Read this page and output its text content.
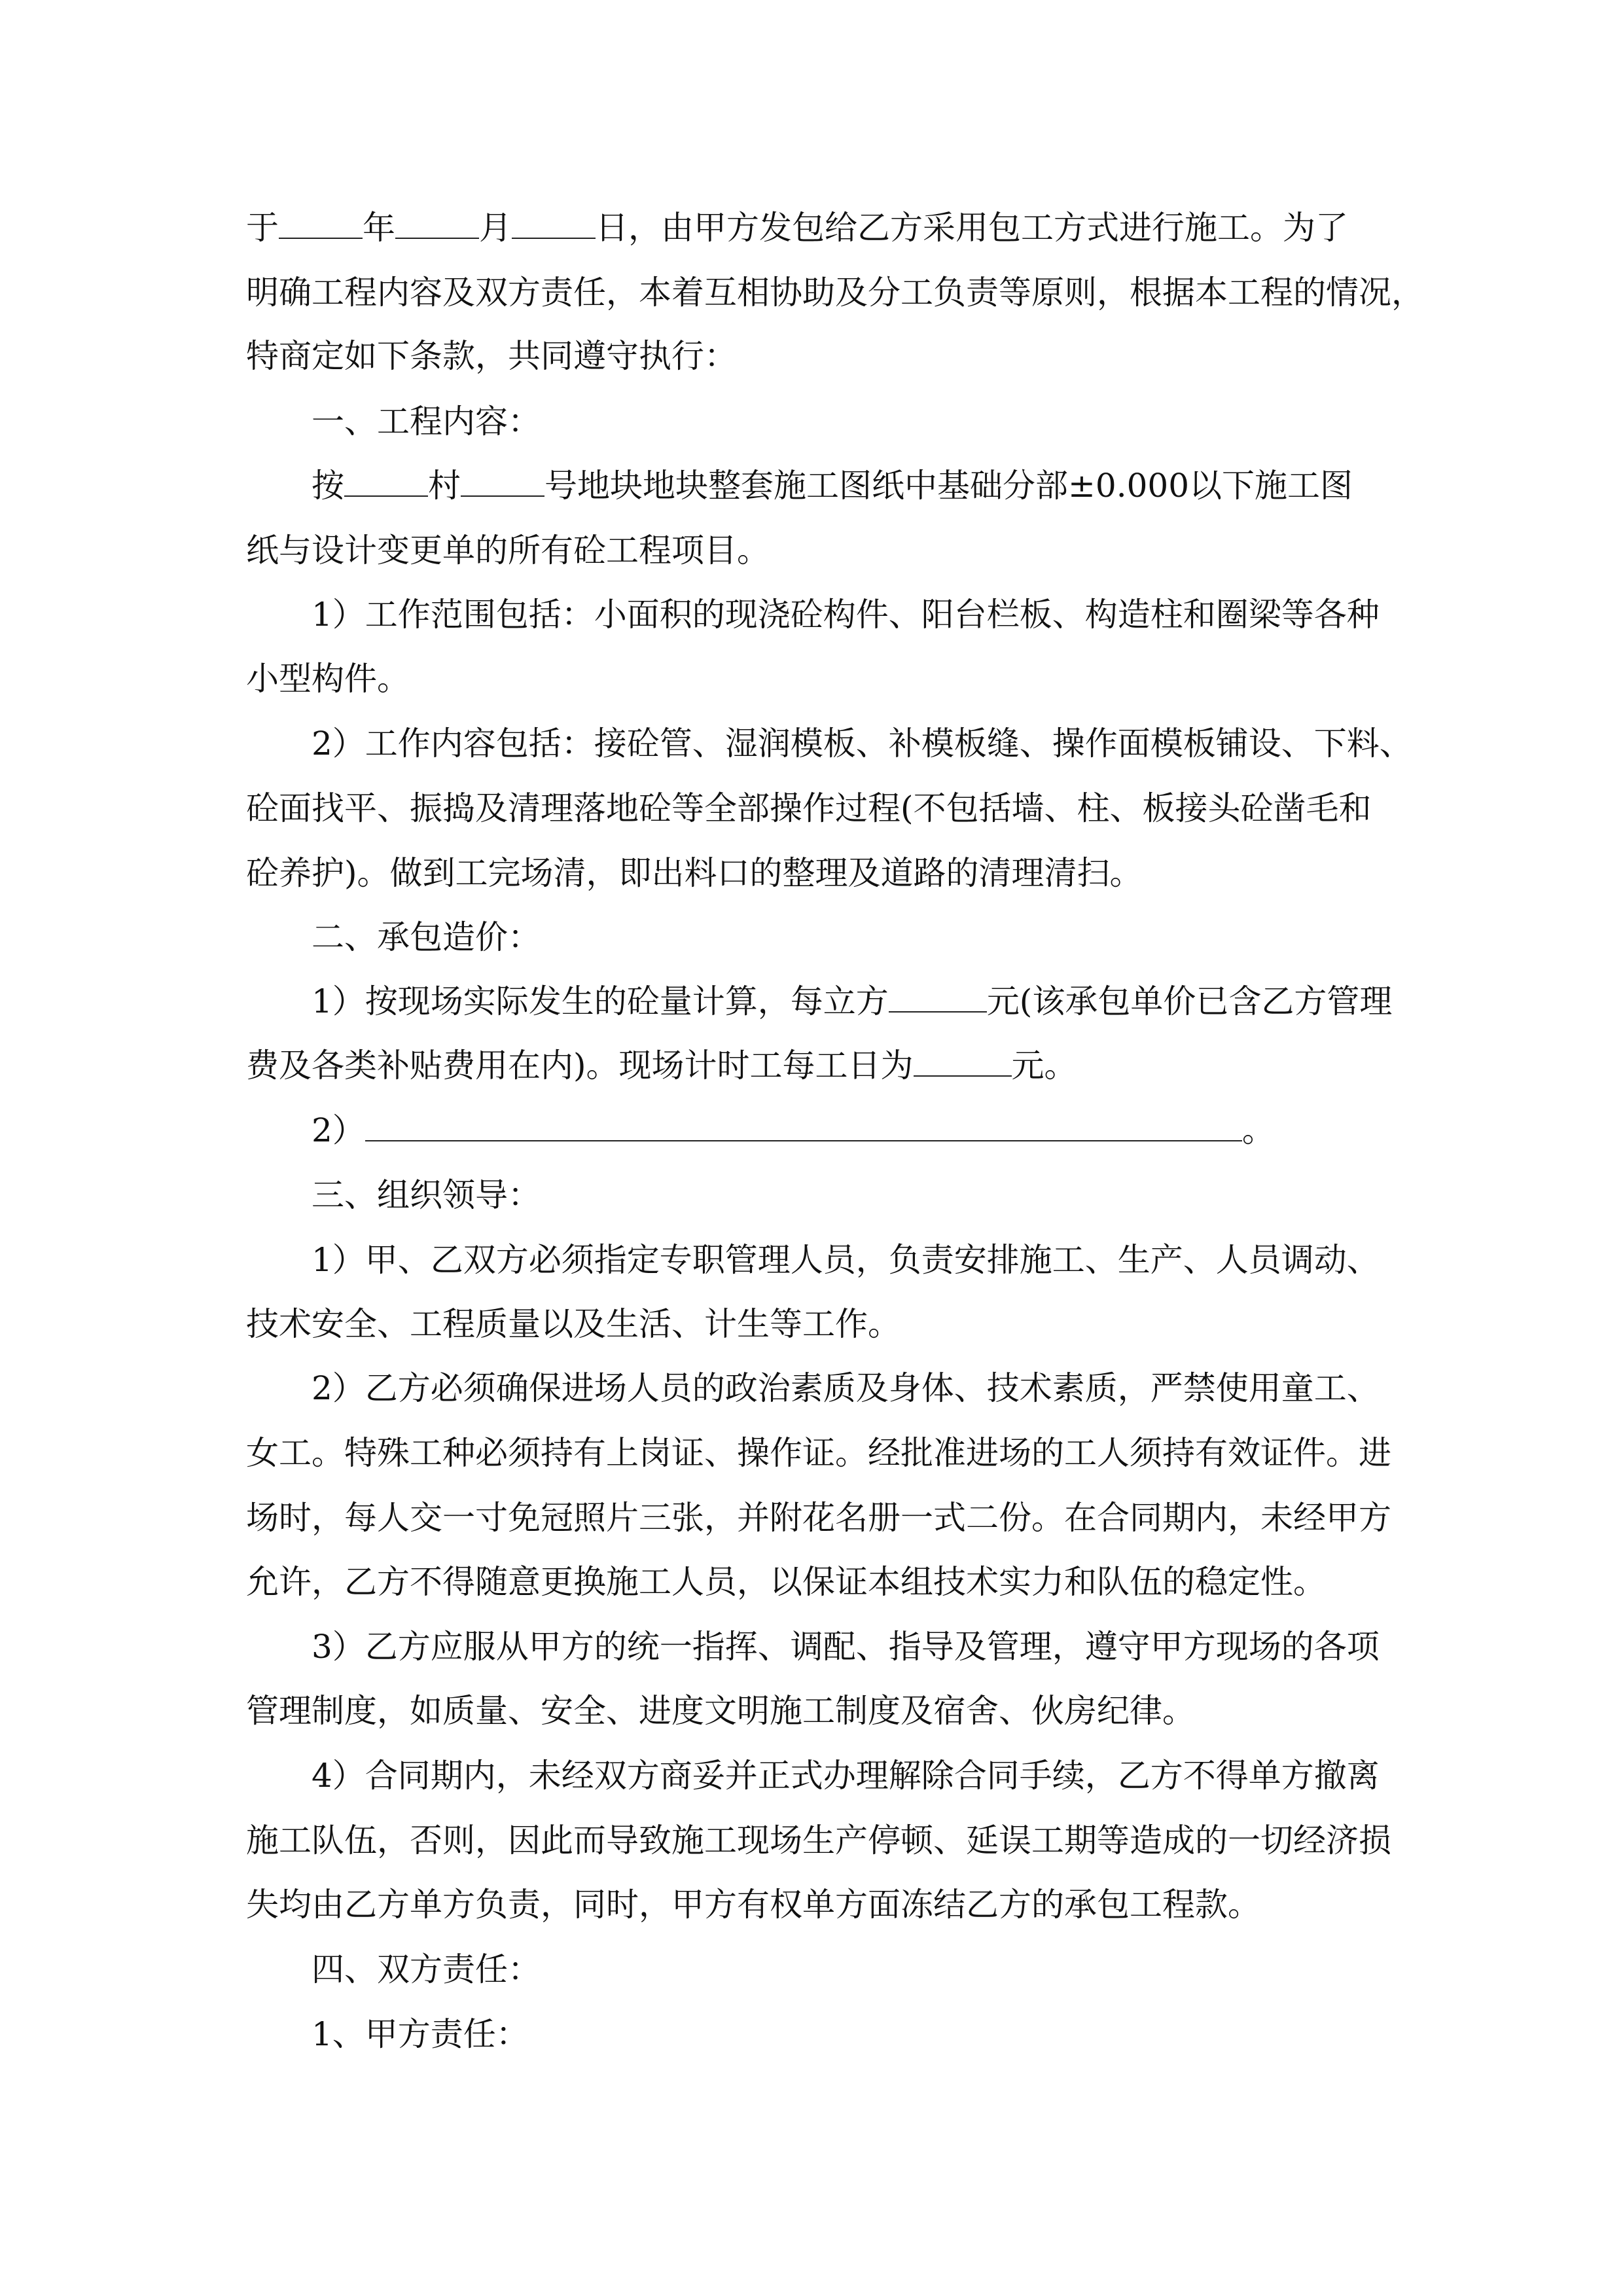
于	年	月	日，由甲方发包给乙方采用包工方式进行施工。为了
明确工程内容及双方责任，本着互相协助及分工负责等原则，根据本工程的情况，
特商定如下条款，共同遵守执行：
一、工程内容：
按	村	号地块地块整套施工图纸中基础分部±0.000以下施工图
纸与设计变更单的所有砼工程项目。
1）工作范围包括：小面积的现浇砼构件、阳台栏板、构造柱和圈梁等各种
小型构件。
2）工作内容包括：接砼管、湿润模板、补模板缝、操作面模板铺设、下料、
砼面找平、振捣及清理落地砼等全部操作过程(不包括墙、柱、板接头砼凿毛和
砼养护)。做到工完场清，即出料口的整理及道路的清理清扫。
二、承包造价：
1）按现场实际发生的砼量计算，每立方	元(该承包单价已含乙方管理
费及各类补贴费用在内)。现场计时工每工日为	元。
2）	。
三、组织领导：
1）甲、乙双方必须指定专职管理人员，负责安排施工、生产、人员调动、
技术安全、工程质量以及生活、计生等工作。
2）乙方必须确保进场人员的政治素质及身体、技术素质，严禁使用童工、
女工。特殊工种必须持有上岗证、操作证。经批准进场的工人须持有效证件。进
场时，每人交一寸免冠照片三张，并附花名册一式二份。在合同期内，未经甲方
允许，乙方不得随意更换施工人员，以保证本组技术实力和队伍的稳定性。
3）乙方应服从甲方的统一指挥、调配、指导及管理，遵守甲方现场的各项
管理制度，如质量、安全、进度文明施工制度及宿舍、伙房纪律。
4）合同期内，未经双方商妥并正式办理解除合同手续，乙方不得单方撤离
施工队伍，否则，因此而导致施工现场生产停顿、延误工期等造成的一切经济损
失均由乙方单方负责，同时，甲方有权单方面冻结乙方的承包工程款。
四、双方责任：
1、甲方责任：
